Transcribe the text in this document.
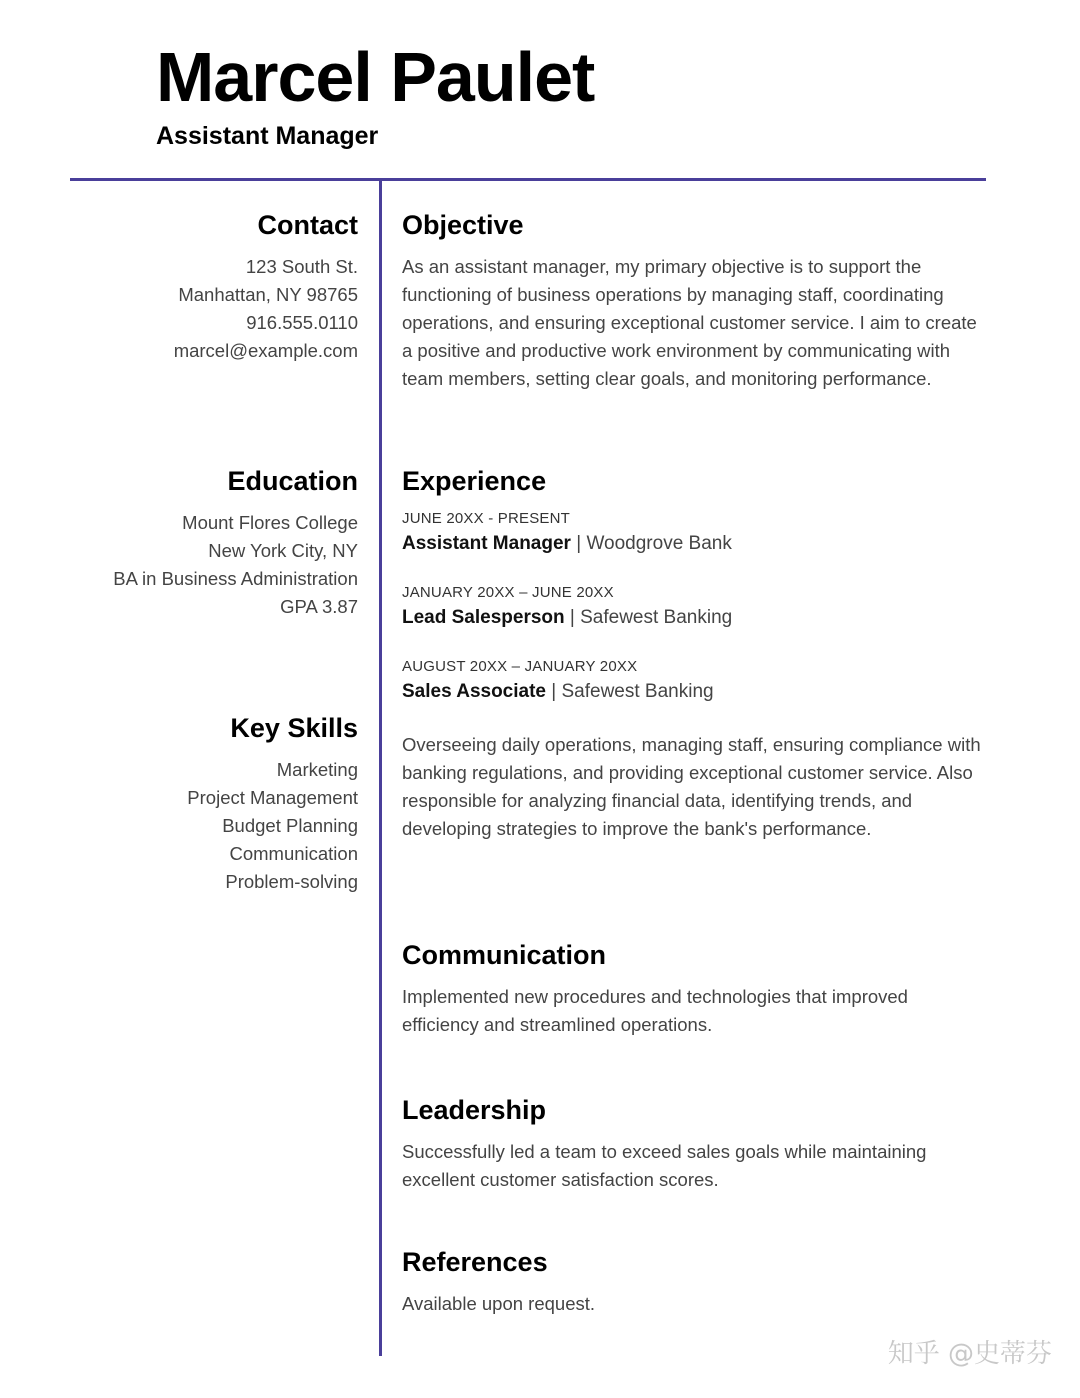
Marcel Paulet
Assistant Manager
Contact
123 South St.
Manhattan, NY 98765
916.555.0110
marcel@example.com
Education
Mount Flores College
New York City, NY
BA in Business Administration
GPA 3.87
Key Skills
Marketing
Project Management
Budget Planning
Communication
Problem-solving
Objective

As an assistant manager, my primary objective is to support the functioning of business operations by managing staff, coordinating operations, and ensuring exceptional customer service. I aim to create a positive and productive work environment by communicating with team members, setting clear goals, and monitoring performance.

Experience
JUNE 20XX - PRESENT
Assistant Manager | Woodgrove Bank
JANUARY 20XX – JUNE 20XX
Lead Salesperson | Safewest Banking
AUGUST 20XX – JANUARY 20XX
Sales Associate | Safewest Banking

Overseeing daily operations, managing staff, ensuring compliance with banking regulations, and providing exceptional customer service. Also responsible for analyzing financial data, identifying trends, and developing strategies to improve the bank's performance.

Communication

Implemented new procedures and technologies that improved efficiency and streamlined operations.

Leadership

Successfully led a team to exceed sales goals while maintaining excellent customer satisfaction scores.

References

Available upon request.

知乎 @史蒂芬
